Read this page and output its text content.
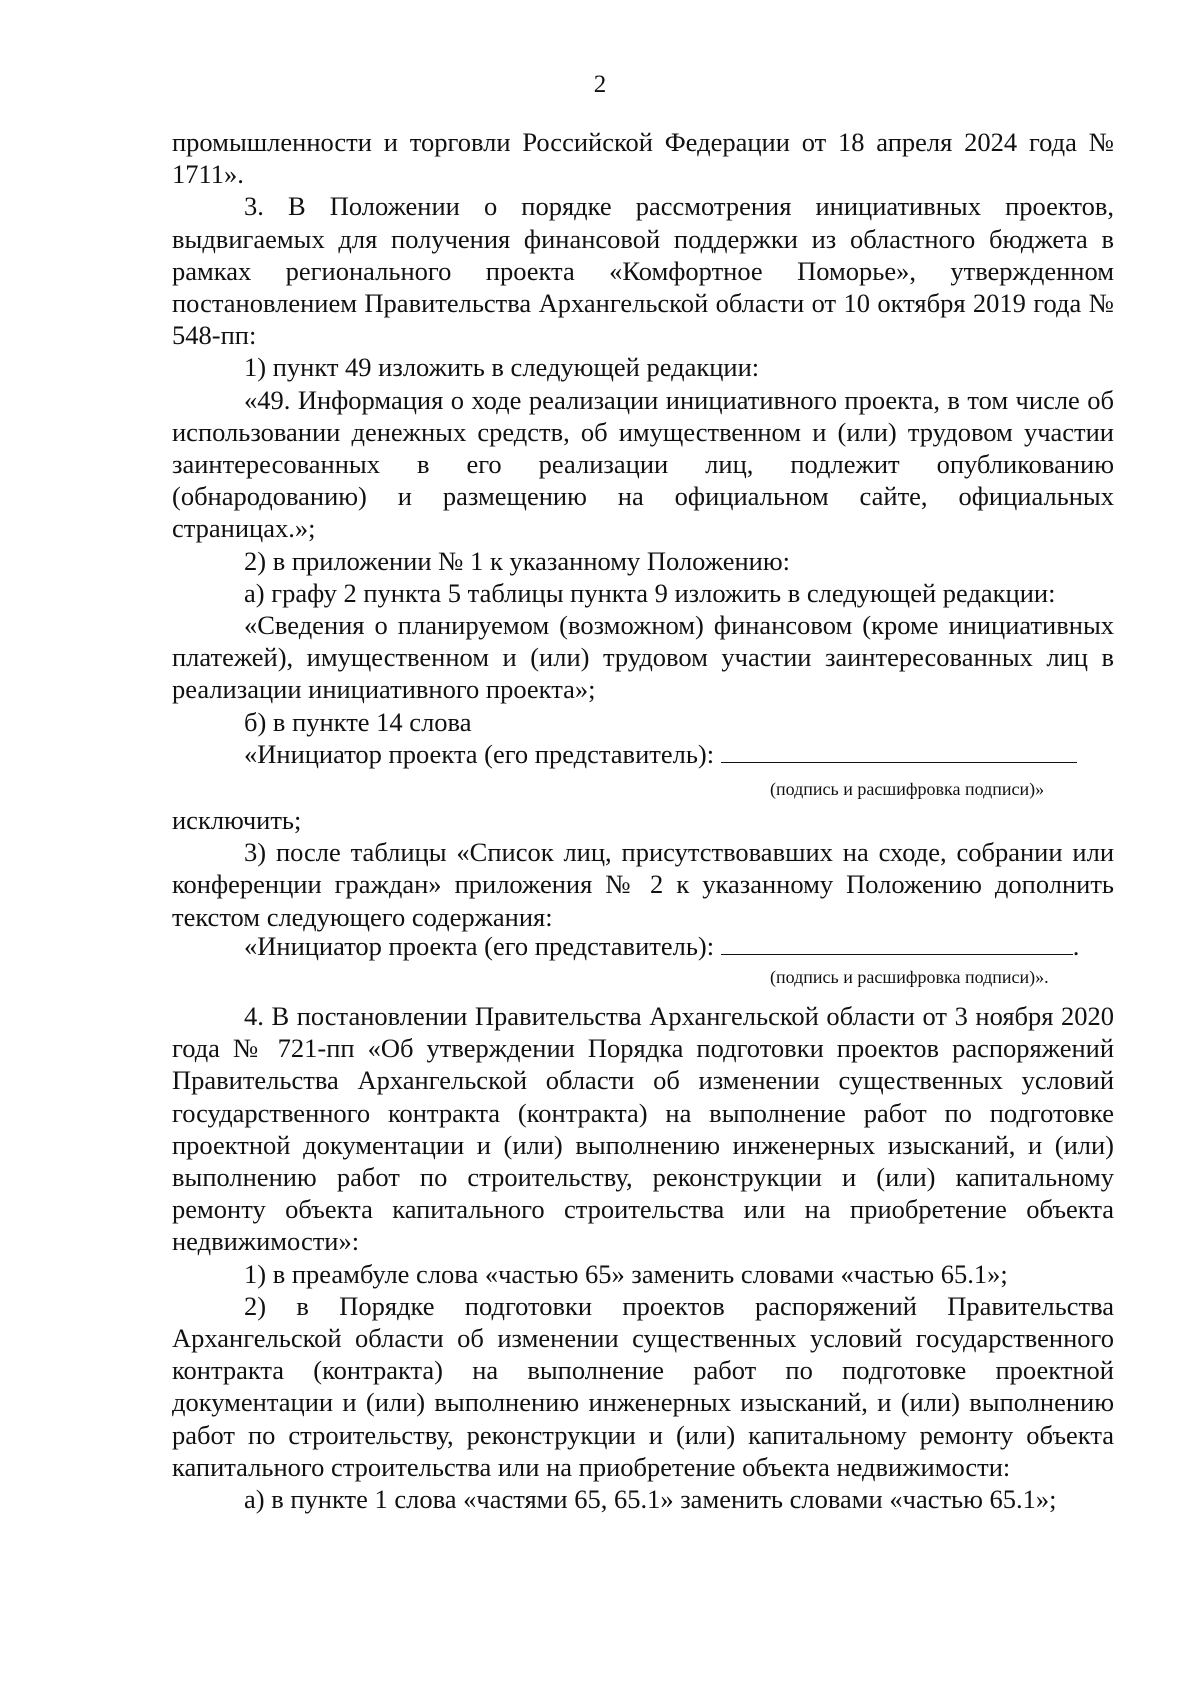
2

промышленности и торговли Российской Федерации от 18 апреля 2024 года № 1711».

3. В Положении о порядке рассмотрения инициативных проектов, выдвигаемых для получения финансовой поддержки из областного бюджета в рамках регионального проекта «Комфортное Поморье», утвержденном постановлением Правительства Архангельской области от 10 октября 2019 года № 548-пп:

1) пункт 49 изложить в следующей редакции:

«49. Информация о ходе реализации инициативного проекта, в том числе об использовании денежных средств, об имущественном и (или) трудовом участии заинтересованных в его реализации лиц, подлежит опубликованию (обнародованию) и размещению на официальном сайте, официальных страницах.»;

2) в приложении № 1 к указанному Положению:

а) графу 2 пункта 5 таблицы пункта 9 изложить в следующей редакции:

«Сведения о планируемом (возможном) финансовом (кроме инициативных платежей), имущественном и (или) трудовом участии заинтересованных лиц в реализации инициативного проекта»;

б) в пункте 14 слова

«Инициатор проекта (его представитель):
(подпись и расшифровка подписи)»

исключить;

3) после таблицы «Список лиц, присутствовавших на сходе, собрании или конференции граждан» приложения № 2 к указанному Положению дополнить текстом следующего содержания:

«Инициатор проекта (его представитель):	.
(подпись и расшифровка подписи)».

4. В постановлении Правительства Архангельской области от 3 ноября 2020 года № 721-пп «Об утверждении Порядка подготовки проектов распоряжений Правительства Архангельской области об изменении существенных условий государственного контракта (контракта) на выполнение работ по подготовке проектной документации и (или) выполнению инженерных изысканий, и (или) выполнению работ по строительству, реконструкции и (или) капитальному ремонту объекта капитального строительства или на приобретение объекта недвижимости»:

1) в преамбуле слова «частью 65» заменить словами «частью 65.1»;

2) в Порядке подготовки проектов распоряжений Правительства Архангельской области об изменении существенных условий государственного контракта (контракта) на выполнение работ по подготовке проектной документации и (или) выполнению инженерных изысканий, и (или) выполнению работ по строительству, реконструкции и (или) капитальному ремонту объекта капитального строительства или на приобретение объекта недвижимости:

а) в пункте 1 слова «частями 65, 65.1» заменить словами «частью 65.1»;
